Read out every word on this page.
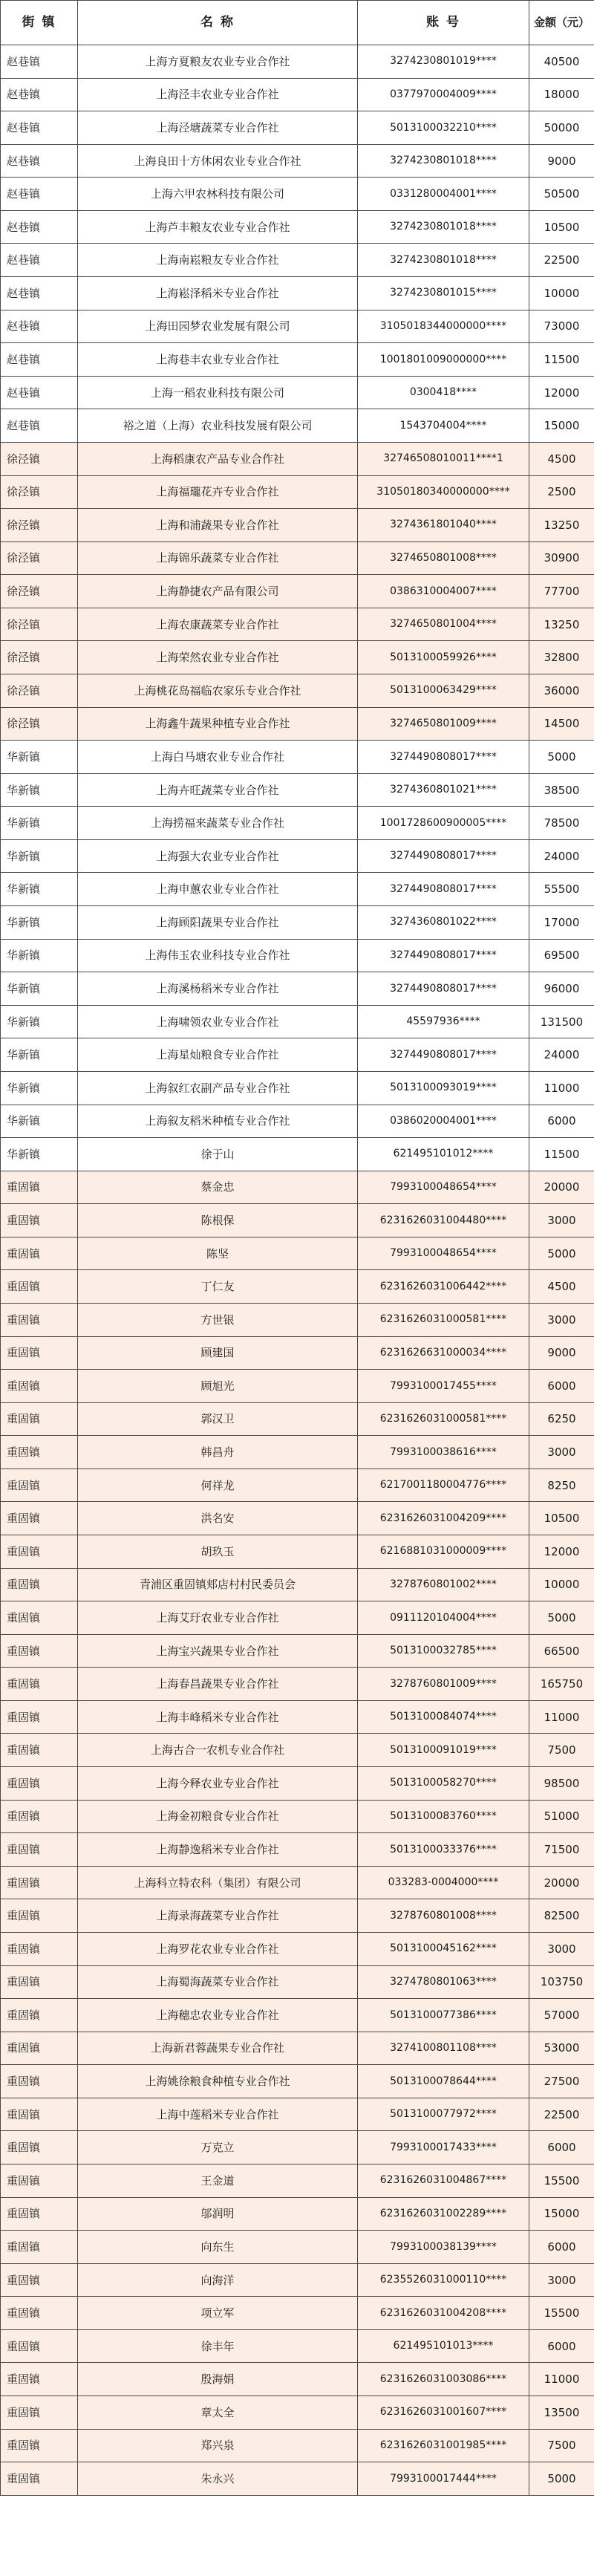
街 镇	名 称	账 号	金额（元）
赵巷镇	上海方夏粮友农业专业合作社	3274230801019****	40500
赵巷镇	上海泾丰农业专业合作社	0377970004009****	18000
赵巷镇	上海泾塘蔬菜专业合作社	5013100032210****	50000
赵巷镇	上海良田十方休闲农业专业合作社	3274230801018****	9000
赵巷镇	上海六甲农林科技有限公司	0331280004001****	50500
赵巷镇	上海芦丰粮友农业专业合作社	3274230801018****	10500
赵巷镇	上海南崧粮友专业合作社	3274230801018****	22500
赵巷镇	上海崧泽稻米专业合作社	3274230801015****	10000
赵巷镇	上海田园梦农业发展有限公司	3105018344000000****	73000
赵巷镇	上海巷丰农业专业合作社	1001801009000000****	11500
赵巷镇	上海一稻农业科技有限公司	0300418****	12000
赵巷镇	裕之道（上海）农业科技发展有限公司	1543704004****	15000
徐泾镇	上海稻康农产品专业合作社	32746508010011****1	4500
徐泾镇	上海福瓏花卉专业合作社	31050180340000000****	2500
徐泾镇	上海和浦蔬果专业合作社	3274361801040****	13250
徐泾镇	上海锦乐蔬菜专业合作社	3274650801008****	30900
徐泾镇	上海静捷农产品有限公司	0386310004007****	77700
徐泾镇	上海农康蔬菜专业合作社	3274650801004****	13250
徐泾镇	上海荣然农业专业合作社	5013100059926****	32800
徐泾镇	上海桃花岛福临农家乐专业合作社	5013100063429****	36000
徐泾镇	上海鑫牛蔬果种植专业合作社	3274650801009****	14500
华新镇	上海白马塘农业专业合作社	3274490808017****	5000
华新镇	上海卉旺蔬菜专业合作社	3274360801021****	38500
华新镇	上海捞福来蔬菜专业合作社	1001728600900005****	78500
华新镇	上海强大农业专业合作社	3274490808017****	24000
华新镇	上海申蕙农业专业合作社	3274490808017****	55500
华新镇	上海顾阳蔬果专业合作社	3274360801022****	17000
华新镇	上海伟玉农业科技专业合作社	3274490808017****	69500
华新镇	上海溪杨稻米专业合作社	3274490808017****	96000
华新镇	上海啸领农业专业合作社	45597936****	131500
华新镇	上海星灿粮食专业合作社	3274490808017****	24000
华新镇	上海叙红农副产品专业合作社	5013100093019****	11000
华新镇	上海叙友稻米种植专业合作社	0386020004001****	6000
华新镇	徐于山	621495101012****	11500
重固镇	蔡金忠	7993100048654****	20000
重固镇	陈根保	6231626031004480****	3000
重固镇	陈坚	7993100048654****	5000
重固镇	丁仁友	6231626031006442****	4500
重固镇	方世银	6231626031000581****	3000
重固镇	顾建国	6231626631000034****	9000
重固镇	顾旭光	7993100017455****	6000
重固镇	郭汉卫	6231626031000581****	6250
重固镇	韩昌舟	7993100038616****	3000
重固镇	何祥龙	6217001180004776****	8250
重固镇	洪名安	6231626031004209****	10500
重固镇	胡玖玉	6216881031000009****	12000
重固镇	青浦区重固镇郏店村村民委员会	3278760801002****	10000
重固镇	上海艾玗农业专业合作社	0911120104004****	5000
重固镇	上海宝兴蔬果专业合作社	5013100032785****	66500
重固镇	上海春昌蔬果专业合作社	3278760801009****	165750
重固镇	上海丰峰稻米专业合作社	5013100084074****	11000
重固镇	上海古合一农机专业合作社	5013100091019****	7500
重固镇	上海今释农业专业合作社	5013100058270****	98500
重固镇	上海金初粮食专业合作社	5013100083760****	51000
重固镇	上海静逸稻米专业合作社	5013100033376****	71500
重固镇	上海科立特农科（集团）有限公司	033283-0004000****	20000
重固镇	上海录海蔬菜专业合作社	3278760801008****	82500
重固镇	上海罗花农业专业合作社	5013100045162****	3000
重固镇	上海蜀海蔬菜专业合作社	3274780801063****	103750
重固镇	上海穗忠农业专业合作社	5013100077386****	57000
重固镇	上海新君蓉蔬果专业合作社	3274100801108****	53000
重固镇	上海姚徐粮食种植专业合作社	5013100078644****	27500
重固镇	上海中莲稻米专业合作社	5013100077972****	22500
重固镇	万克立	7993100017433****	6000
重固镇	王金道	6231626031004867****	15500
重固镇	邬润明	6231626031002289****	15000
重固镇	向东生	7993100038139****	6000
重固镇	向海洋	6235526031000110****	3000
重固镇	项立军	6231626031004208****	15500
重固镇	徐丰年	621495101013****	6000
重固镇	殷海娟	6231626031003086****	11000
重固镇	章太全	6231626031001607****	13500
重固镇	郑兴泉	6231626031001985****	7500
重固镇	朱永兴	7993100017444****	5000
